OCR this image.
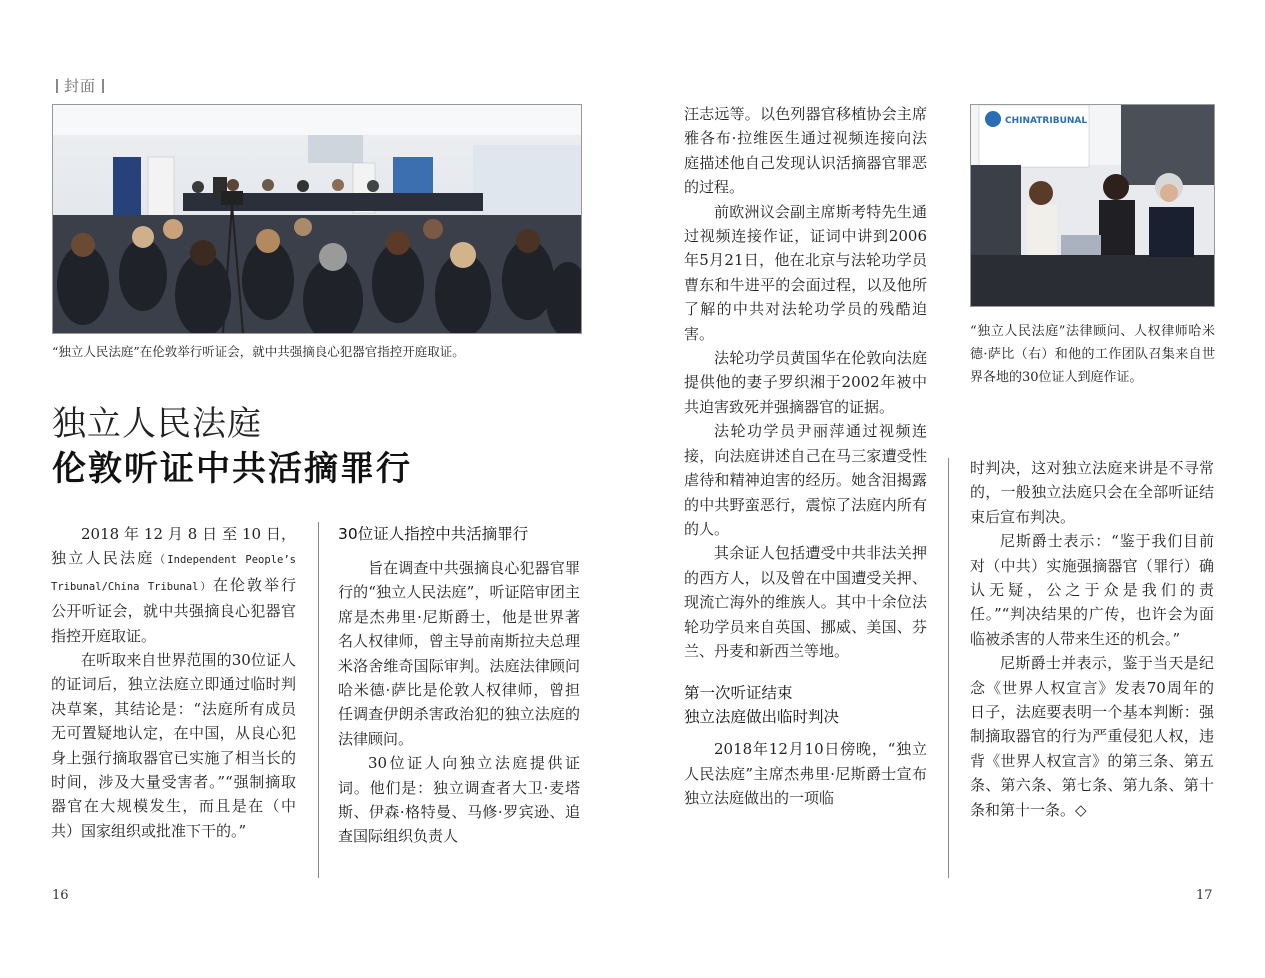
封面
“独立人民法庭”在伦敦举行听证会，就中共强摘良心犯器官指控开庭取证。
CHINATRIBUNAL
“独立人民法庭”法律顾问、人权律师哈米德·萨比（右）和他的工作团队召集来自世界各地的30位证人到庭作证。
独立人民法庭
伦敦听证中共活摘罪行

2018 年 12 月 8 日 至 10 日，独立人民法庭（Independent People’s Tribunal/China Tribunal）在伦敦举行公开听证会，就中共强摘良心犯器官指控开庭取证。

在听取来自世界范围的30位证人的证词后，独立法庭立即通过临时判决草案，其结论是：“法庭所有成员无可置疑地认定，在中国，从良心犯身上强行摘取器官已实施了相当长的时间，涉及大量受害者。”“强制摘取器官在大规模发生，而且是在（中共）国家组织或批准下干的。”

30位证人指控中共活摘罪行

旨在调查中共强摘良心犯器官罪行的“独立人民法庭”，听证陪审团主席是杰弗里·尼斯爵士，他是世界著名人权律师，曾主导前南斯拉夫总理米洛舍维奇国际审判。法庭法律顾问哈米德·萨比是伦敦人权律师，曾担任调查伊朗杀害政治犯的独立法庭的法律顾问。

30位证人向独立法庭提供证词。他们是：独立调查者大卫·麦塔斯、伊森·格特曼、马修·罗宾逊、追查国际组织负责人

汪志远等。以色列器官移植协会主席雅各布·拉维医生通过视频连接向法庭描述他自己发现认识活摘器官罪恶的过程。

前欧洲议会副主席斯考特先生通过视频连接作证，证词中讲到2006年5月21日，他在北京与法轮功学员曹东和牛进平的会面过程，以及他所了解的中共对法轮功学员的残酷迫害。

法轮功学员黄国华在伦敦向法庭提供他的妻子罗织湘于2002年被中共迫害致死并强摘器官的证据。

法轮功学员尹丽萍通过视频连接，向法庭讲述自己在马三家遭受性虐待和精神迫害的经历。她含泪揭露的中共野蛮恶行，震惊了法庭内所有的人。

其余证人包括遭受中共非法关押的西方人，以及曾在中国遭受关押、现流亡海外的维族人。其中十余位法轮功学员来自英国、挪威、美国、芬兰、丹麦和新西兰等地。

第一次听证结束
独立法庭做出临时判决

2018年12月10日傍晚，“独立人民法庭”主席杰弗里·尼斯爵士宣布独立法庭做出的一项临

时判决，这对独立法庭来讲是不寻常的，一般独立法庭只会在全部听证结束后宣布判决。

尼斯爵士表示：“鉴于我们目前对（中共）实施强摘器官（罪行）确认无疑，公之于众是我们的责任。”“判决结果的广传，也许会为面临被杀害的人带来生还的机会。”

尼斯爵士并表示，鉴于当天是纪念《世界人权宣言》发表70周年的日子，法庭要表明一个基本判断：强制摘取器官的行为严重侵犯人权，违背《世界人权宣言》的第三条、第五条、第六条、第七条、第九条、第十条和第十一条。◇

16	17
